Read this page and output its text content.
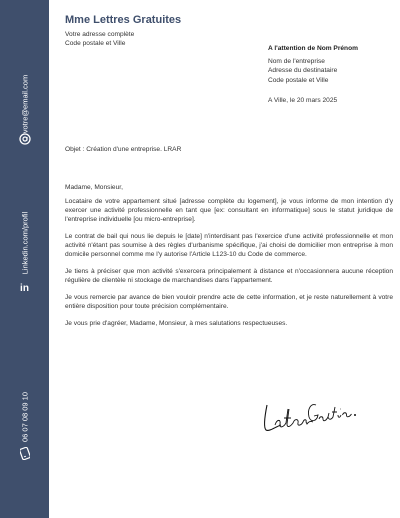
votre@email.com
Linkedin.com/profil
in
06 07 08 09 10
Mme Lettres Gratuites
Votre adresse complète
Code postale et Ville
A l'attention de Nom Prénom
Nom de l'entreprise
Adresse du destinataire
Code postale et Ville
A Ville, le 20 mars 2025
Objet : Création d'une entreprise. LRAR
Madame, Monsieur,

Locataire de votre appartement situé [adresse complète du logement], je vous informe de mon intention d'y exercer une activité professionnelle en tant que [ex: consultant en informatique] sous le statut juridique de l'entreprise individuelle [ou micro-entreprise].

Le contrat de bail qui nous lie depuis le [date] n'interdisant pas l'exercice d'une activité professionnelle et mon activité n'étant pas soumise à des règles d'urbanisme spécifique, j'ai choisi de domicilier mon entreprise à mon domicile personnel comme me l'y autorise l'Article L123-10 du Code de commerce.

Je tiens à préciser que mon activité s'exercera principalement à distance et n'occasionnera aucune réception régulière de clientèle ni stockage de marchandises dans l'appartement.

Je vous remercie par avance de bien vouloir prendre acte de cette information, et je reste naturellement à votre entière disposition pour toute précision complémentaire.

Je vous prie d'agréer, Madame, Monsieur, à mes salutations respectueuses.
